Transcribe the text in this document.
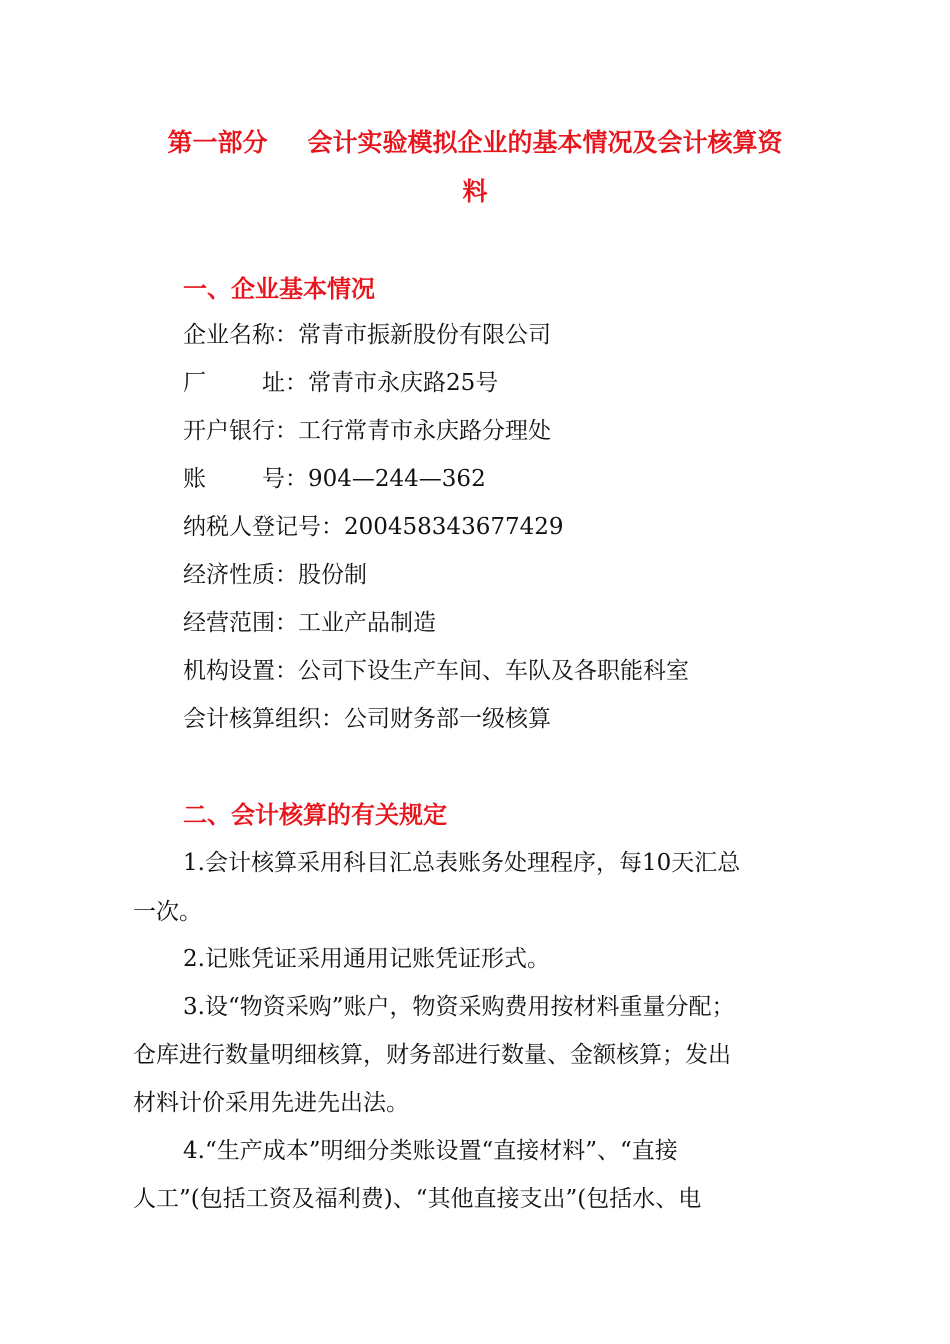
第一部分 会计实验模拟企业的基本情况及会计核算资
料
一、企业基本情况
企业名称：常青市振新股份有限公司
厂 址： 常青市永庆路25号
开户银行：工行常青市永庆路分理处
账 号： 904—244—362
纳税人登记号：200458343677429
经济性质：股份制
经营范围：工业产品制造
机构设置：公司下设生产车间、车队及各职能科室
会计核算组织：公司财务部一级核算
二、会计核算的有关规定
1.会计核算采用科目汇总表账务处理程序，每10天汇总
一次。
2.记账凭证采用通用记账凭证形式。
3.设“物资采购”账户，物资采购费用按材料重量分配；
仓库进行数量明细核算，财务部进行数量、金额核算；发出
材料计价采用先进先出法。
4.“生产成本”明细分类账设置“直接材料”、“直接
人工”(包括工资及福利费)、“其他直接支出”(包括水、电
